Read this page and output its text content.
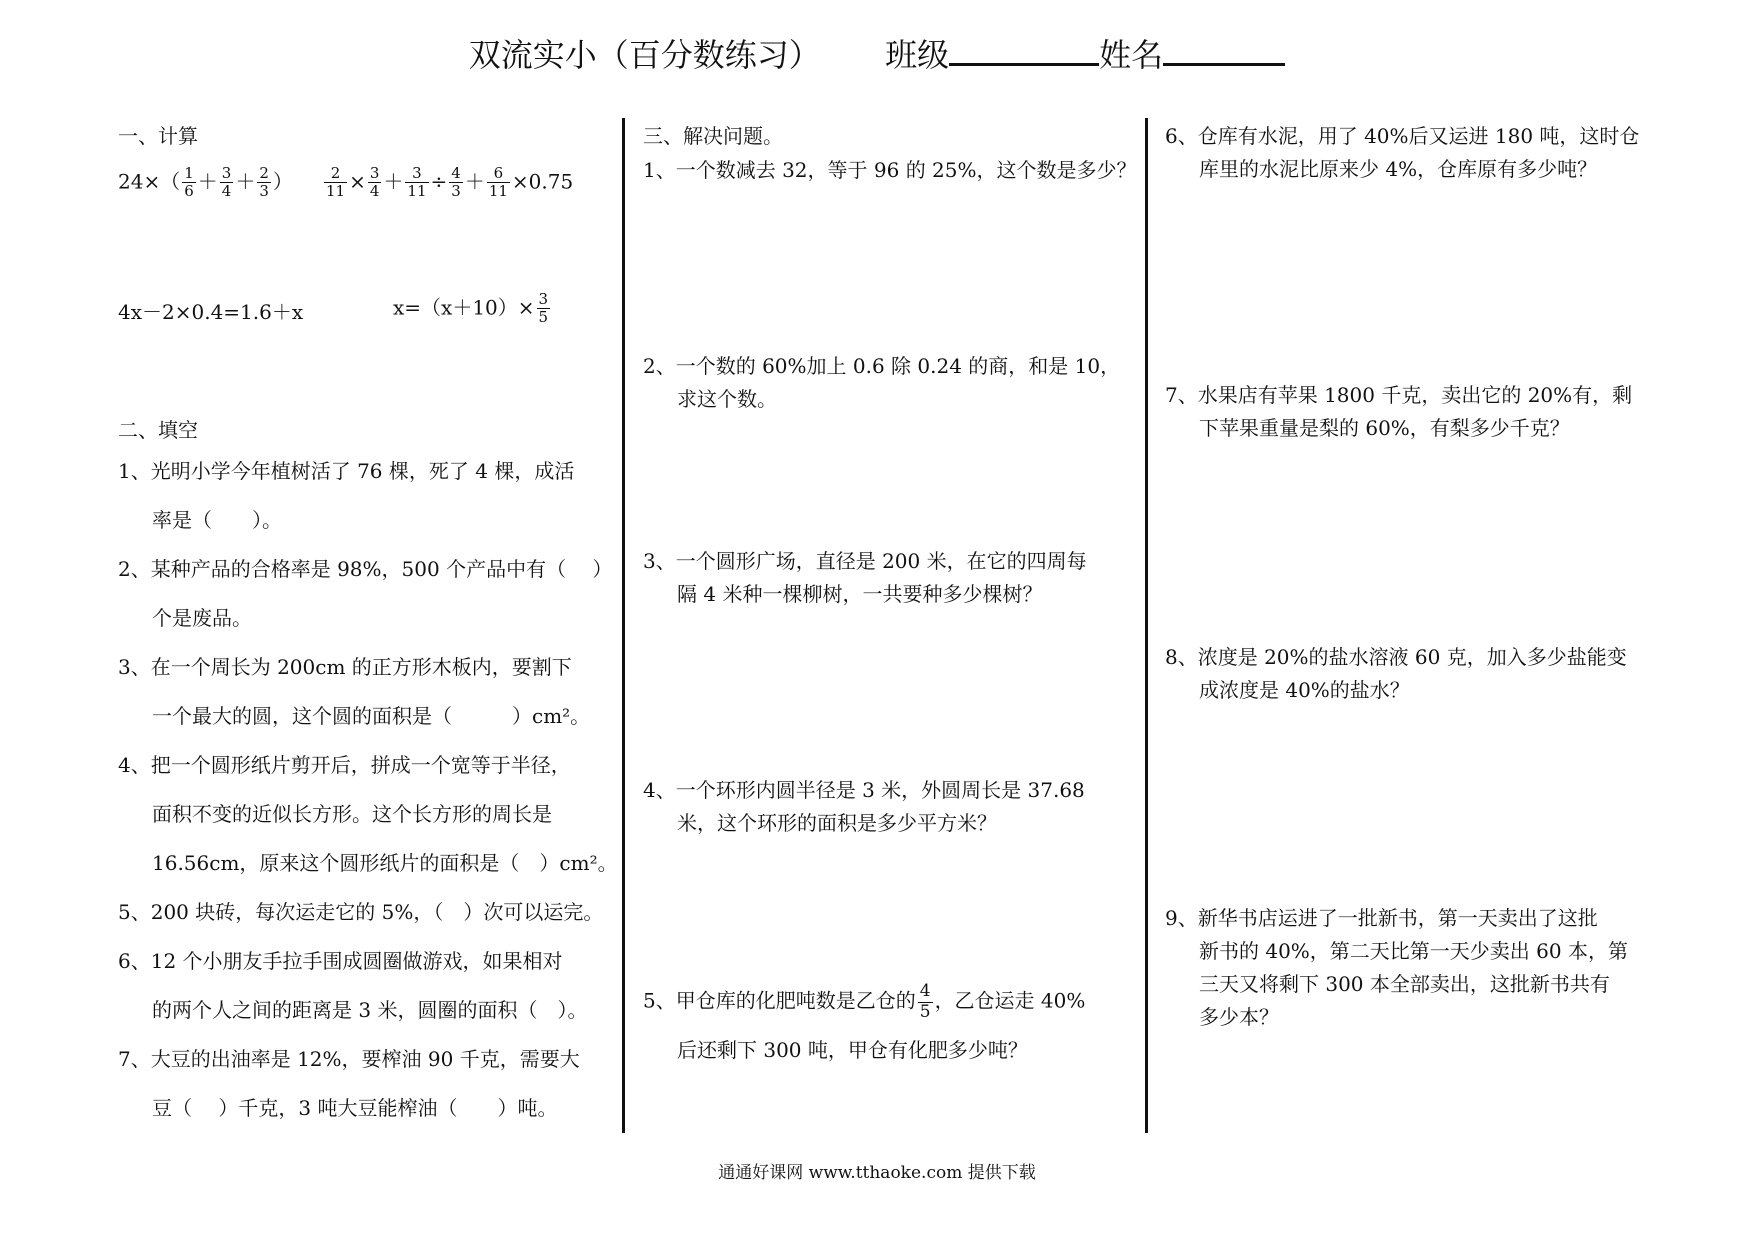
双流实小（百分数练习） 班级	姓名
一、计算
$24\times( \frac{1}{6} + \frac{3}{4} + \frac{2}{3}$ ） $\frac{2}{11} \times \frac{3}{4} + \frac{3}{11} \div \frac{4}{3} + \frac{6}{11} \times 0.75$
4x－2×0.4=1.6＋x	$x=(x+10)\times \frac{3}{5}$
二、填空
1、光明小学今年植树活了 76 棵，死了 4 棵，成活
率是（　　）。
2、某种产品的合格率是 98%，500 个产品中有（　 ）
个是废品。
3、在一个周长为 200cm 的正方形木板内，要割下
一个最大的圆，这个圆的面积是（　　　）cm²。
4、把一个圆形纸片剪开后，拼成一个宽等于半径，
面积不变的近似长方形。这个长方形的周长是
16.56cm，原来这个圆形纸片的面积是（　）cm²。
5、200 块砖，每次运走它的 5%，（　）次可以运完。
6、12 个小朋友手拉手围成圆圈做游戏，如果相对
的两个人之间的距离是 3 米，圆圈的面积（　）。
7、大豆的出油率是 12%，要榨油 90 千克，需要大
豆（　 ）千克，3 吨大豆能榨油（　　）吨。
三、解决问题。
1、一个数减去 32，等于 96 的 25%，这个数是多少？
2、一个数的 60%加上 0.6 除 0.24 的商，和是 10，
求这个数。
3、一个圆形广场，直径是 200 米，在它的四周每
隔 4 米种一棵柳树，一共要种多少棵树？
4、一个环形内圆半径是 3 米，外圆周长是 37.68
米，这个环形的面积是多少平方米？
5、甲仓库的化肥吨数是乙仓的 $\frac{4}{5}$ ，乙仓运走 40%
后还剩下 300 吨，甲仓有化肥多少吨？
6、仓库有水泥，用了 40%后又运进 180 吨，这时仓
库里的水泥比原来少 4%，仓库原有多少吨？
7、水果店有苹果 1800 千克，卖出它的 20%有，剩
下苹果重量是梨的 60%，有梨多少千克？
8、浓度是 20%的盐水溶液 60 克，加入多少盐能变
成浓度是 40%的盐水？
9、新华书店运进了一批新书，第一天卖出了这批
新书的 40%，第二天比第一天少卖出 60 本，第
三天又将剩下 300 本全部卖出，这批新书共有
多少本？
通通好课网 www.tthaoke.com 提供下载
